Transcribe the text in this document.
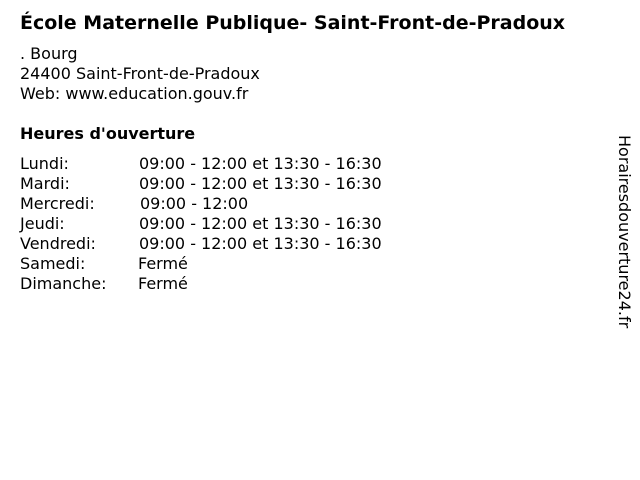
École Maternelle Publique- Saint-Front-de-Pradoux
. Bourg
24400 Saint-Front-de-Pradoux
Web: www.education.gouv.fr
Heures d'ouverture
Lundi:	09:00 - 12:00 et 13:30 - 16:30
Mardi:	09:00 - 12:00 et 13:30 - 16:30
Mercredi:	09:00 - 12:00
Jeudi:	09:00 - 12:00 et 13:30 - 16:30
Vendredi:	09:00 - 12:00 et 13:30 - 16:30
Samedi:	Fermé
Dimanche: Fermé	Horairesdouverture24.fr
